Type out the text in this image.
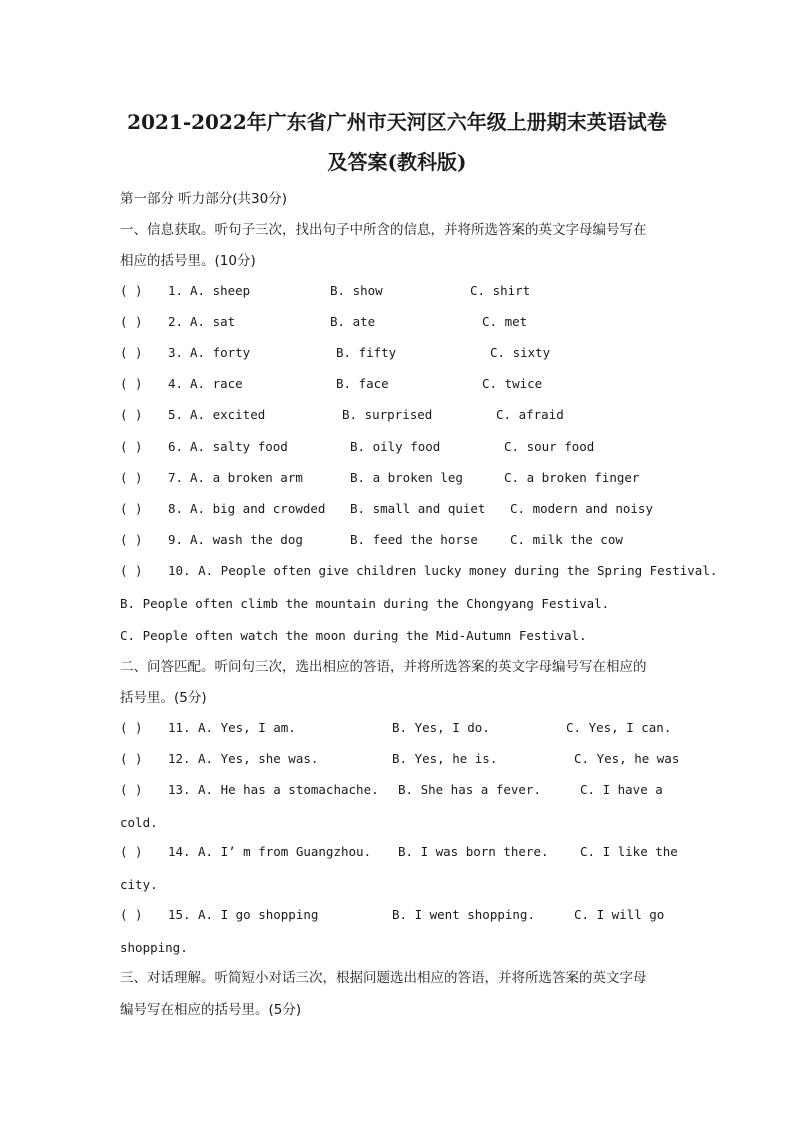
2021-2022年广东省广州市天河区六年级上册期末英语试卷
及答案(教科版)
第一部分 听力部分(共30分)
一、信息获取。听句子三次，找出句子中所含的信息，并将所选答案的英文字母编号写在
相应的括号里。(10分)
( ) 1. A. sheep	B. show	C. shirt
( ) 2. A. sat	B. ate	C. met
( ) 3. A. forty	B. fifty	C. sixty
( ) 4. A. race	B. face	C. twice
( ) 5. A. excited	B. surprised	C. afraid
( ) 6. A. salty food	B. oily food	C. sour food
( ) 7. A. a broken arm	B. a broken leg	C. a broken finger
( ) 8. A. big and crowded B. small and quiet C. modern and noisy
( ) 9. A. wash the dog	B. feed the horse	C. milk the cow
( ) 10. A. People often give children lucky money during the Spring Festival.
B. People often climb the mountain during the Chongyang Festival.
C. People often watch the moon during the Mid-Autumn Festival.
二、问答匹配。听问句三次，选出相应的答语，并将所选答案的英文字母编号写在相应的
括号里。(5分)
( ) 11. A. Yes, I am.	B. Yes, I do.	C. Yes, I can.
( ) 12. A. Yes, she was.	B. Yes, he is.	C. Yes, he was
( ) 13. A. He has a stomachache. B. She has a fever.	C. I have a
cold.
( ) 14. A. I’ m from Guangzhou. B. I was born there.	C. I like the
city.
( ) 15. A. I go shopping	B. I went shopping.	C. I will go
shopping.
三、对话理解。听简短小对话三次，根据问题选出相应的答语，并将所选答案的英文字母
编号写在相应的括号里。(5分)
